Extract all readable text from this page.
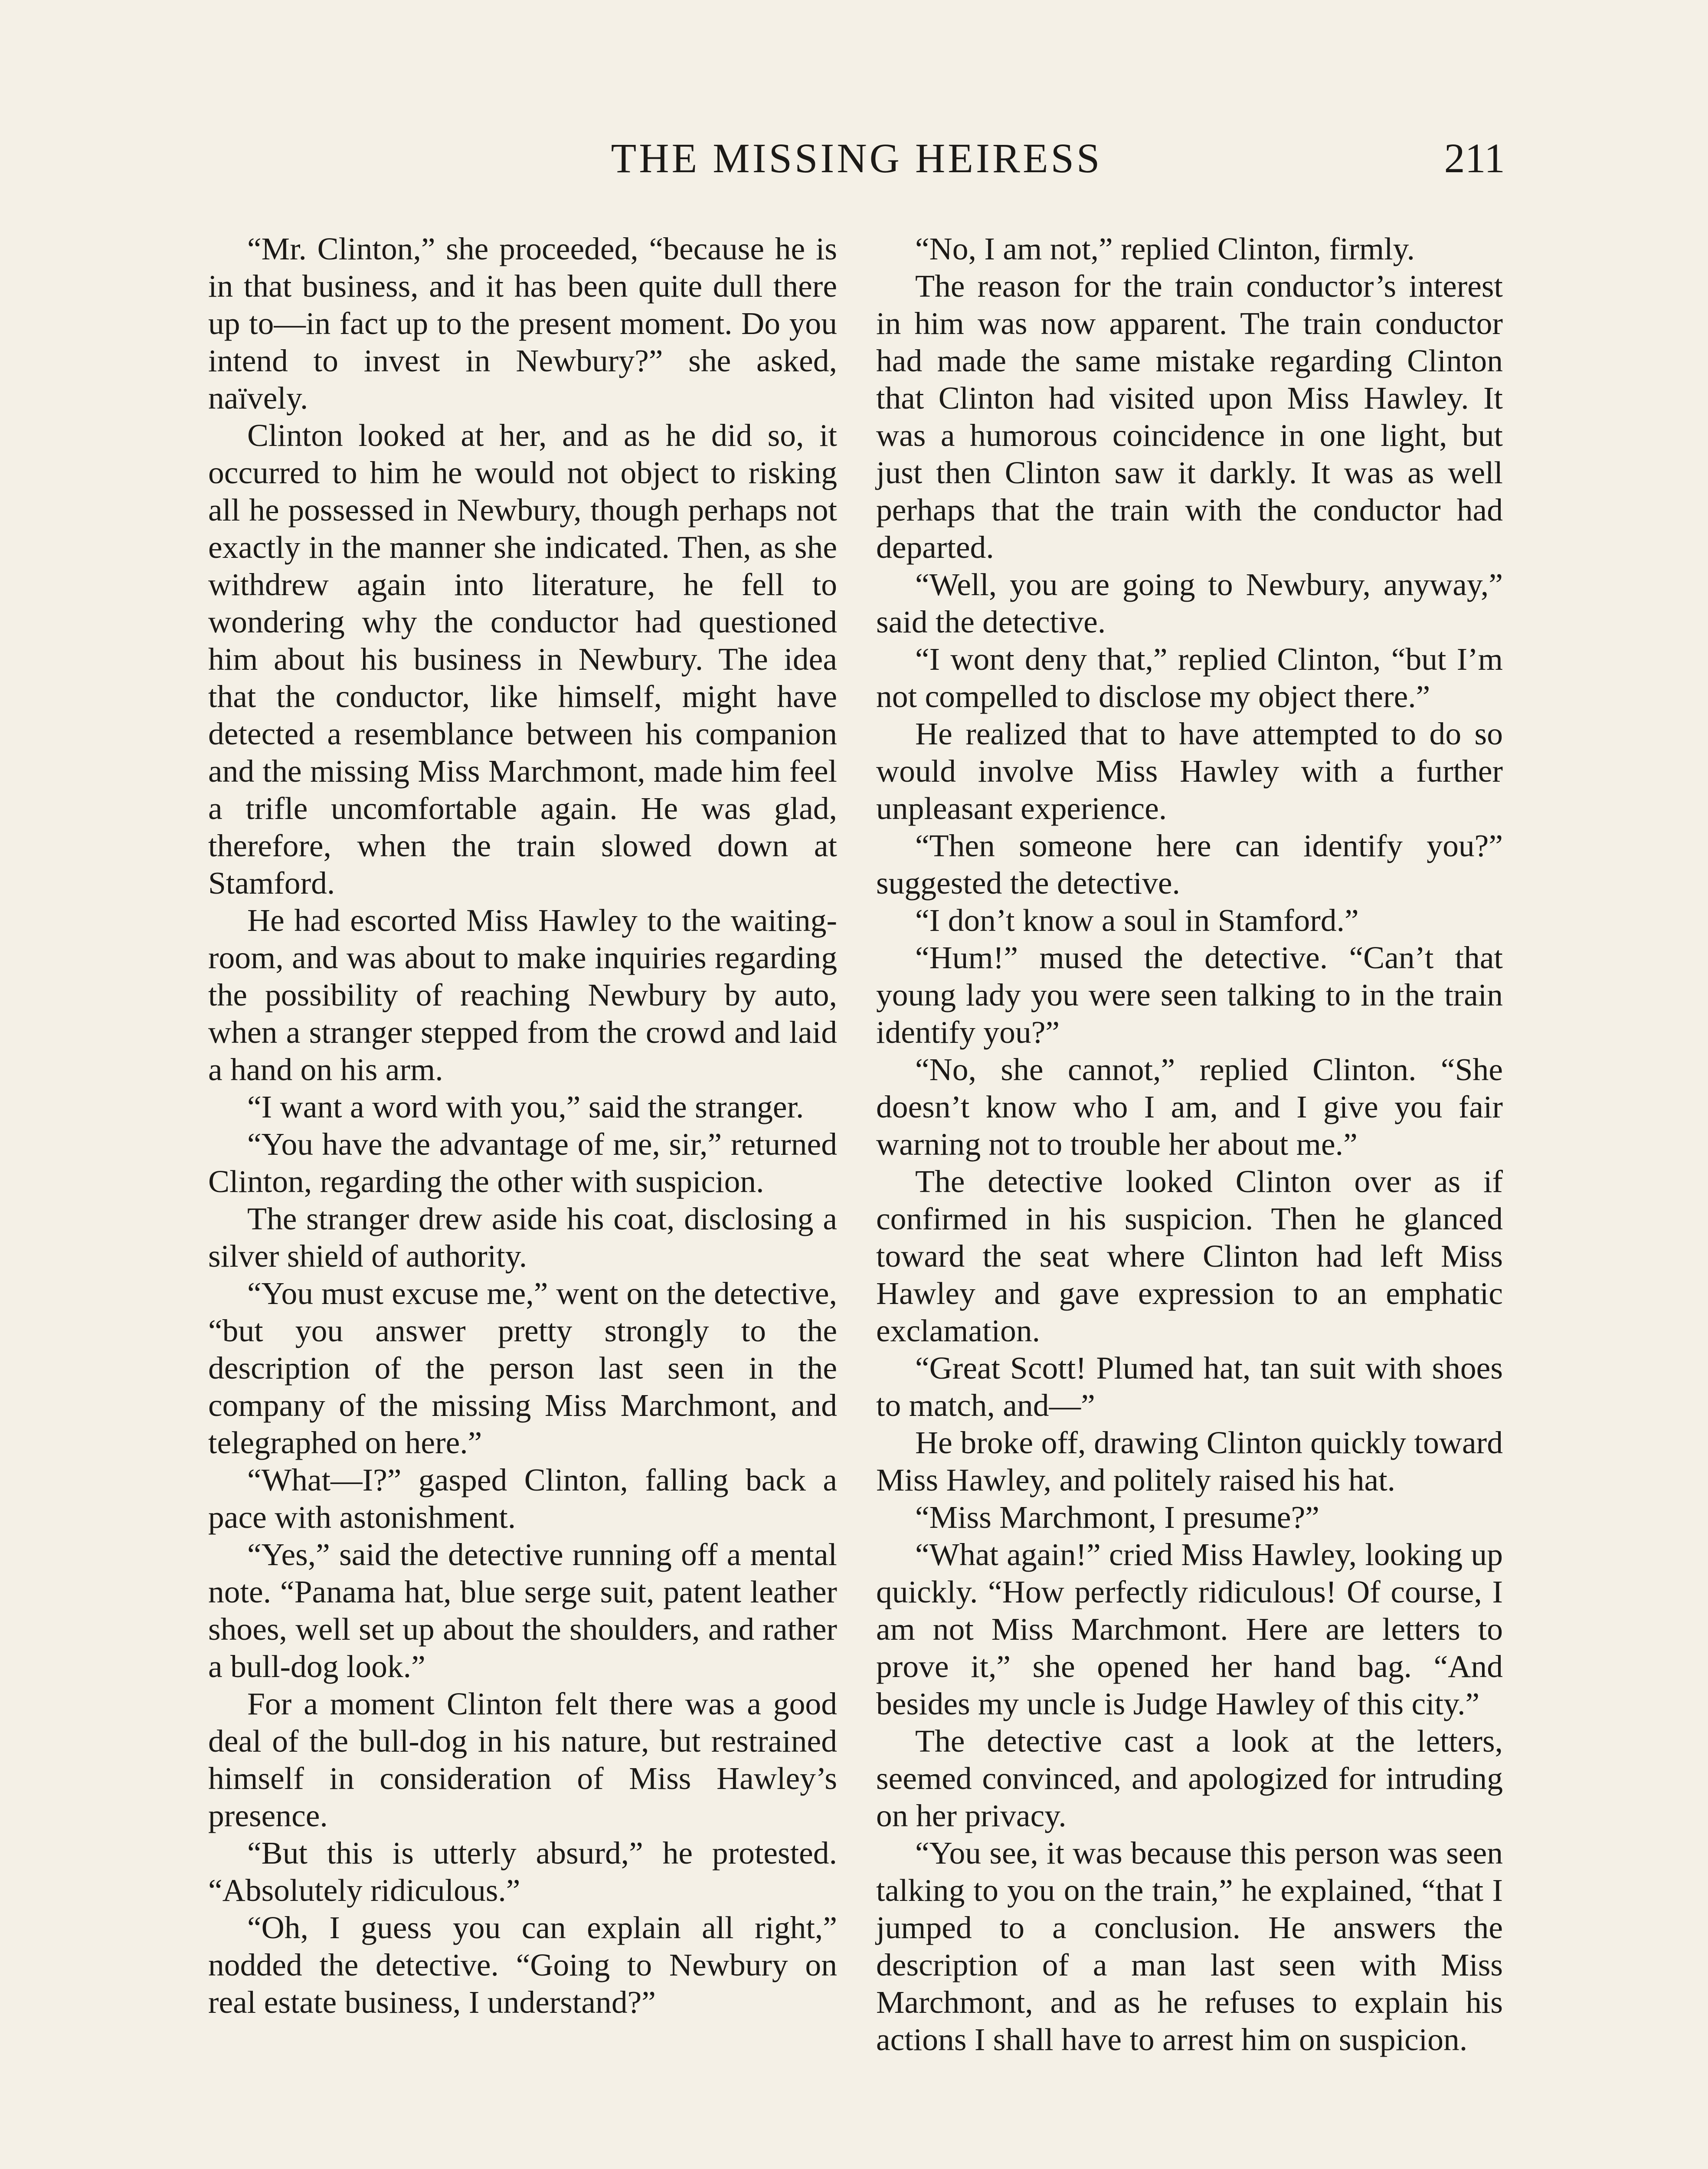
THE MISSING HEIRESS	211

“Mr. Clinton,” she proceeded, “because he is in that business, and it has been quite dull there up to—in fact up to the present moment. Do you intend to invest in Newbury?” she asked, naïvely.

Clinton looked at her, and as he did so, it occurred to him he would not object to risking all he possessed in Newbury, though perhaps not exactly in the manner she indicated. Then, as she withdrew again into literature, he fell to wondering why the conductor had questioned him about his business in Newbury. The idea that the conductor, like himself, might have detected a resemblance between his companion and the missing Miss Marchmont, made him feel a trifle uncomfortable again. He was glad, therefore, when the train slowed down at Stamford.

He had escorted Miss Hawley to the waiting-room, and was about to make inquiries regarding the possibility of reaching Newbury by auto, when a stranger stepped from the crowd and laid a hand on his arm.

“I want a word with you,” said the stranger.

“You have the advantage of me, sir,” returned Clinton, regarding the other with suspicion.

The stranger drew aside his coat, disclosing a silver shield of authority.

“You must excuse me,” went on the detective, “but you answer pretty strongly to the description of the person last seen in the company of the missing Miss Marchmont, and telegraphed on here.”

“What—I?” gasped Clinton, falling back a pace with astonishment.

“Yes,” said the detective running off a mental note. “Panama hat, blue serge suit, patent leather shoes, well set up about the shoulders, and rather a bull-dog look.”

For a moment Clinton felt there was a good deal of the bull-dog in his nature, but restrained himself in consideration of Miss Hawley’s presence.

“But this is utterly absurd,” he protested. “Absolutely ridiculous.”

“Oh, I guess you can explain all right,” nodded the detective. “Going to Newbury on real estate business, I understand?”

“No, I am not,” replied Clinton, firmly.

The reason for the train conductor’s interest in him was now apparent. The train conductor had made the same mistake regarding Clinton that Clinton had visited upon Miss Hawley. It was a humorous coincidence in one light, but just then Clinton saw it darkly. It was as well perhaps that the train with the conductor had departed.

“Well, you are going to Newbury, anyway,” said the detective.

“I wont deny that,” replied Clinton, “but I’m not compelled to disclose my object there.”

He realized that to have attempted to do so would involve Miss Hawley with a further unpleasant experience.

“Then someone here can identify you?” suggested the detective.

“I don’t know a soul in Stamford.”

“Hum!” mused the detective. “Can’t that young lady you were seen talking to in the train identify you?”

“No, she cannot,” replied Clinton. “She doesn’t know who I am, and I give you fair warning not to trouble her about me.”

The detective looked Clinton over as if confirmed in his suspicion. Then he glanced toward the seat where Clinton had left Miss Hawley and gave expression to an emphatic exclamation.

“Great Scott! Plumed hat, tan suit with shoes to match, and—”

He broke off, drawing Clinton quickly toward Miss Hawley, and politely raised his hat.

“Miss Marchmont, I presume?”

“What again!” cried Miss Hawley, looking up quickly. “How perfectly ridiculous! Of course, I am not Miss Marchmont. Here are letters to prove it,” she opened her hand bag. “And besides my uncle is Judge Hawley of this city.”

The detective cast a look at the letters, seemed convinced, and apologized for intruding on her privacy.

“You see, it was because this person was seen talking to you on the train,” he explained, “that I jumped to a conclusion. He answers the description of a man last seen with Miss Marchmont, and as he refuses to explain his actions I shall have to arrest him on suspicion.
